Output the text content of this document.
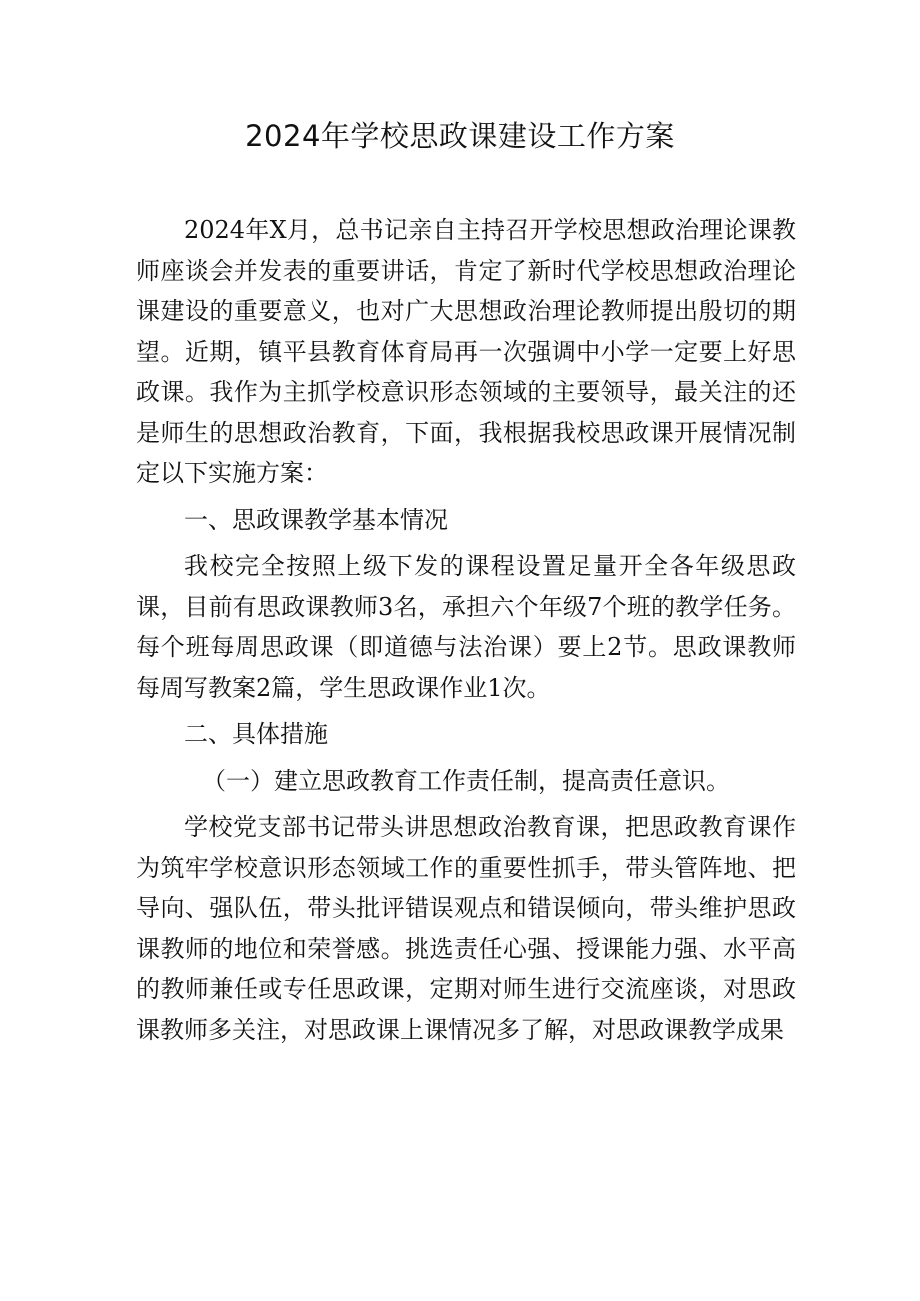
2024年学校思政课建设工作方案

2024年X月，总书记亲自主持召开学校思想政治理论课教师座谈会并发表的重要讲话，肯定了新时代学校思想政治理论课建设的重要意义，也对广大思想政治理论教师提出殷切的期望。近期，镇平县教育体育局再一次强调中小学一定要上好思政课。我作为主抓学校意识形态领域的主要领导，最关注的还是师生的思想政治教育，下面，我根据我校思政课开展情况制定以下实施方案：

一、思政课教学基本情况

我校完全按照上级下发的课程设置足量开全各年级思政课，目前有思政课教师3名，承担六个年级7个班的教学任务。每个班每周思政课（即道德与法治课）要上2节。思政课教师每周写教案2篇，学生思政课作业1次。

二、具体措施

（一）建立思政教育工作责任制，提高责任意识。

学校党支部书记带头讲思想政治教育课，把思政教育课作为筑牢学校意识形态领域工作的重要性抓手，带头管阵地、把导向、强队伍，带头批评错误观点和错误倾向，带头维护思政课教师的地位和荣誉感。挑选责任心强、授课能力强、水平高的教师兼任或专任思政课，定期对师生进行交流座谈，对思政课教师多关注，对思政课上课情况多了解，对思政课教学成果
